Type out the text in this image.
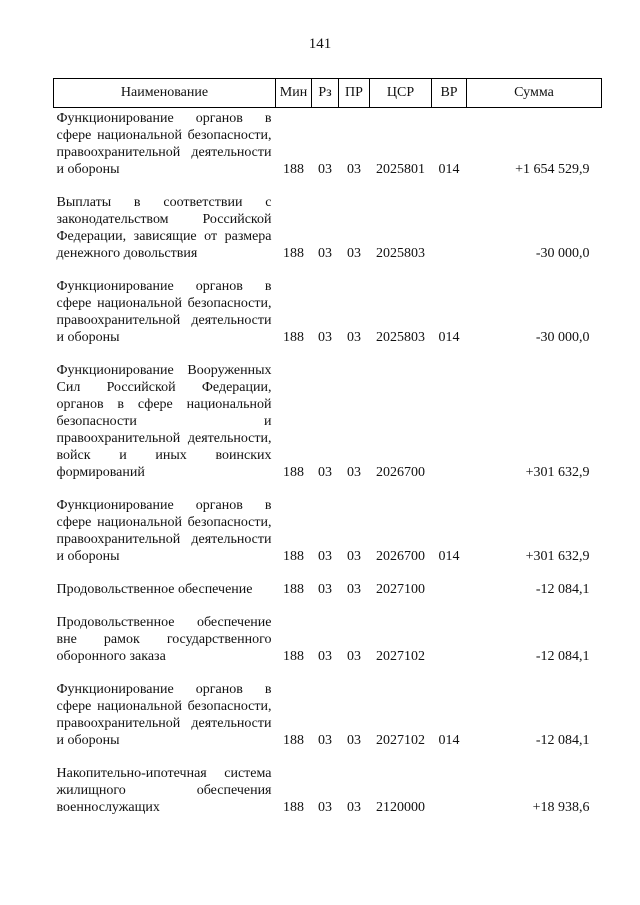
141
Наименование	Мин	Рз	ПР	ЦСР	ВР	Сумма
Функционирование органов в сфере национальной безопасности, правоохранительной деятельности и обороны	188	03	03	2025801	014	+1 654 529,9
Выплаты в соответствии с законодательством Российской Федерации, зависящие от размера денежного довольствия	188	03	03	2025803		-30 000,0
Функционирование органов в сфере национальной безопасности, правоохранительной деятельности и обороны	188	03	03	2025803	014	-30 000,0
Функционирование Вооруженных Сил Российской Федерации, органов в сфере национальной безопасности и правоохранительной деятельности, войск и иных воинских формирований	188	03	03	2026700		+301 632,9
Функционирование органов в сфере национальной безопасности, правоохранительной деятельности и обороны	188	03	03	2026700	014	+301 632,9
Продовольственное обеспечение	188	03	03	2027100		-12 084,1
Продовольственное обеспечение вне рамок государственного оборонного заказа	188	03	03	2027102		-12 084,1
Функционирование органов в сфере национальной безопасности, правоохранительной деятельности и обороны	188	03	03	2027102	014	-12 084,1
Накопительно-ипотечная система жилищного обеспечения военнослужащих	188	03	03	2120000		+18 938,6
